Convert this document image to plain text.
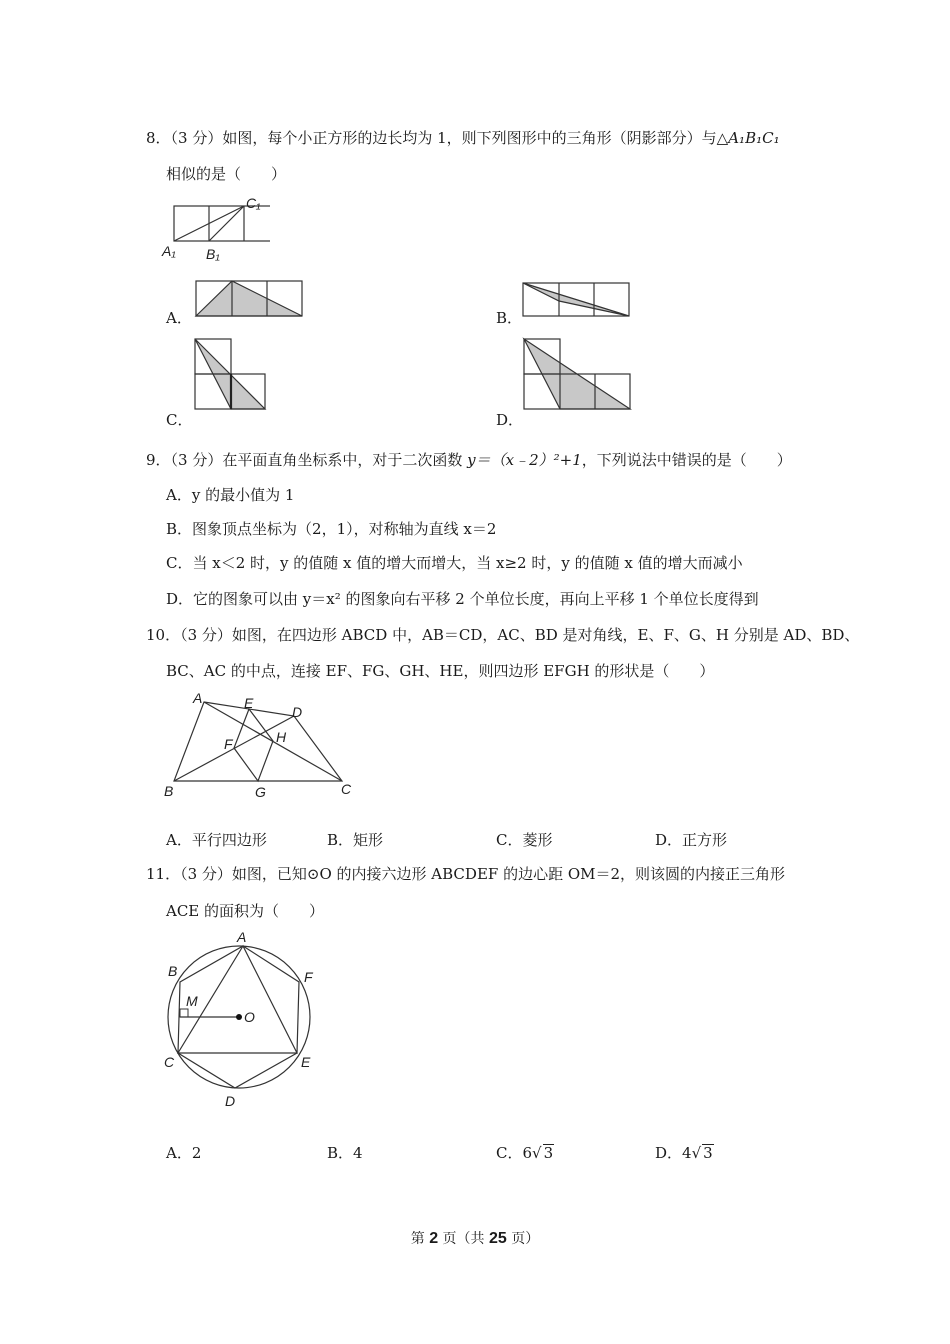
8．（3 分）如图，每个小正方形的边长均为 1，则下列图形中的三角形（阴影部分）与△A₁B₁C₁
相似的是（　　）
A₁ B₁
C₁
A．	B．
C．	D．
9．（3 分）在平面直角坐标系中，对于二次函数 y＝（x﹣2）²+1，下列说法中错误的是（　　）
A．y 的最小值为 1
B．图象顶点坐标为（2，1），对称轴为直线 x＝2
C．当 x＜2 时，y 的值随 x 值的增大而增大，当 x≥2 时，y 的值随 x 值的增大而减小
D．它的图象可以由 y＝x² 的图象向右平移 2 个单位长度，再向上平移 1 个单位长度得到
10．（3 分）如图，在四边形 ABCD 中，AB＝CD，AC、BD 是对角线，E、F、G、H 分别是 AD、BD、
BC、AC 的中点，连接 EF、FG、GH、HE，则四边形 EFGH 的形状是（　　）
A	E
D
F	H
B	G	C
A．平行四边形	B．矩形	C．菱形	D．正方形
11．（3 分）如图，已知⊙O 的内接六边形 ABCDEF 的边心距 OM＝2，则该圆的内接正三角形
ACE 的面积为（　　）
A
B	F
M
O
C	E
D
A．2	B．4	C．6√ 3	D．4√ 3
第 2 页（共 25 页）
